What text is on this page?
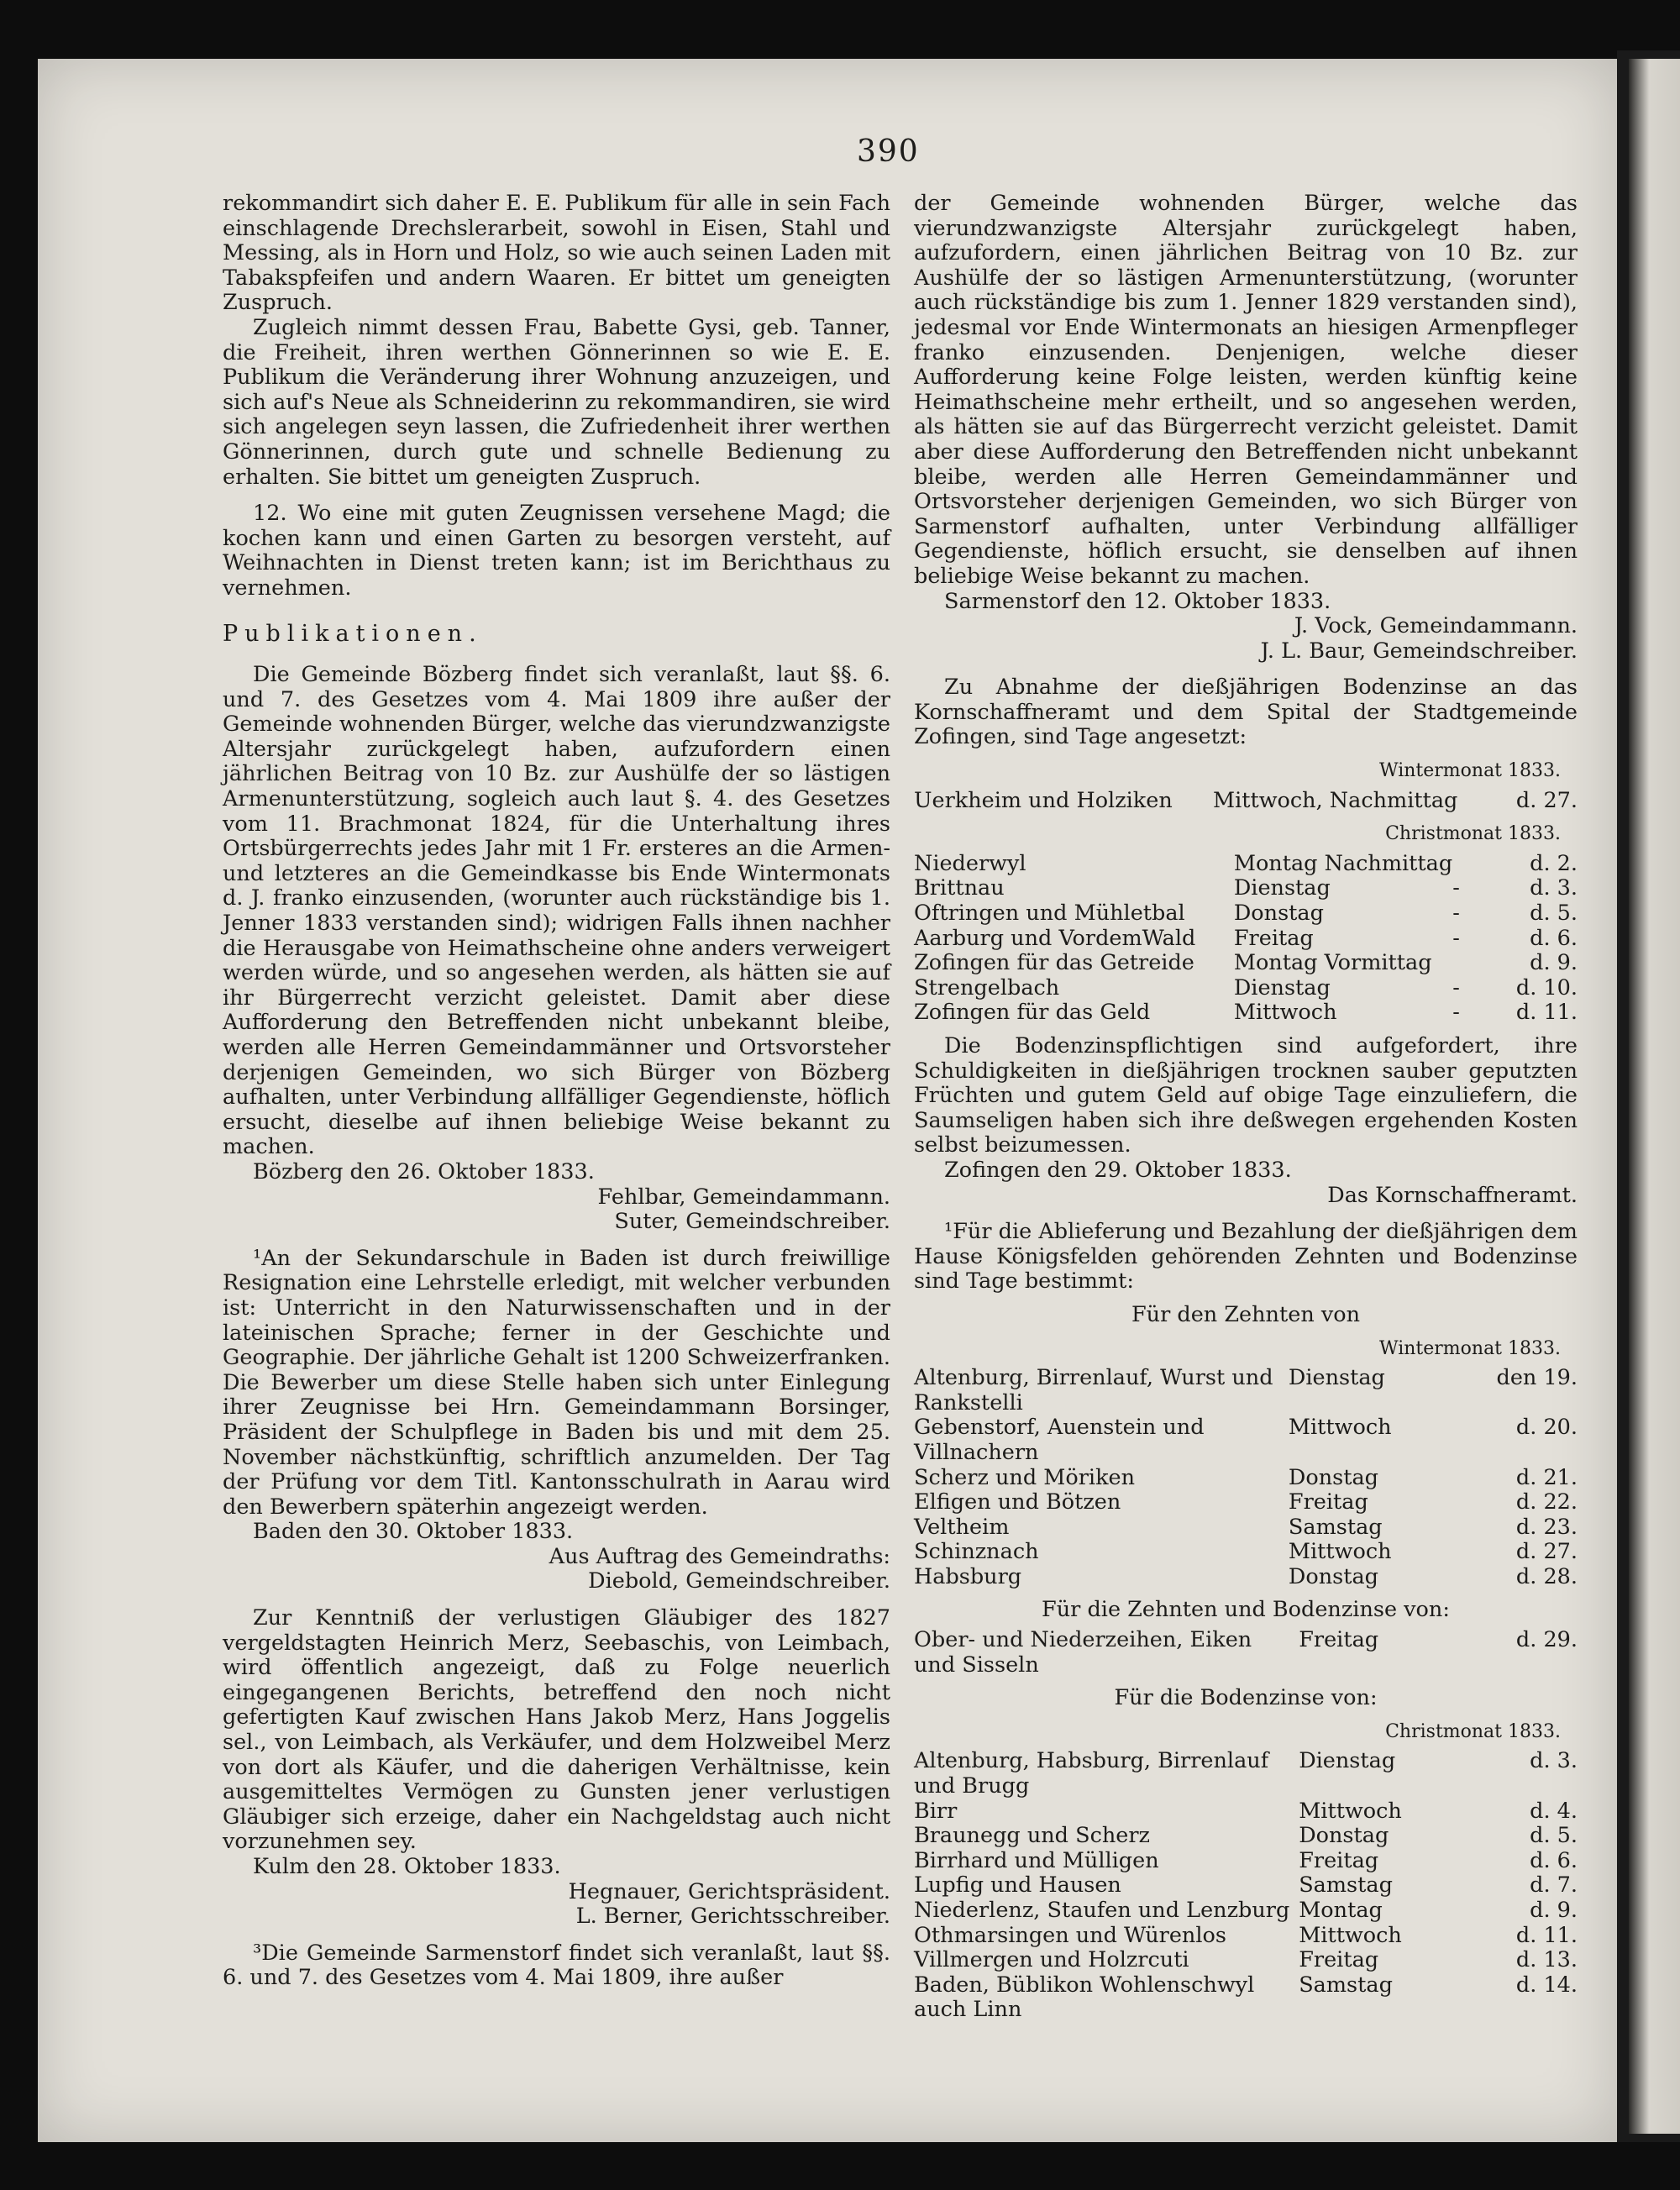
390

rekommandirt sich daher E. E. Publikum für alle in sein Fach einschlagende Drechslerarbeit, sowohl in Eisen, Stahl und Messing, als in Horn und Holz, so wie auch seinen Laden mit Tabakspfeifen und andern Waaren. Er bittet um geneigten Zuspruch.

Zugleich nimmt dessen Frau, Babette Gysi, geb. Tanner, die Freiheit, ihren werthen Gönnerinnen so wie E. E. Publikum die Veränderung ihrer Wohnung anzuzeigen, und sich auf's Neue als Schneiderinn zu rekommandiren, sie wird sich angelegen seyn lassen, die Zufriedenheit ihrer werthen Gönnerinnen, durch gute und schnelle Bedienung zu erhalten. Sie bittet um geneigten Zuspruch.

12. Wo eine mit guten Zeugnissen versehene Magd; die kochen kann und einen Garten zu besorgen versteht, auf Weihnachten in Dienst treten kann; ist im Berichthaus zu vernehmen.

Publikationen.

Die Gemeinde Bözberg findet sich veranlaßt, laut §§. 6. und 7. des Gesetzes vom 4. Mai 1809 ihre außer der Gemeinde wohnenden Bürger, welche das vierundzwanzigste Altersjahr zurückgelegt haben, aufzufordern einen jährlichen Beitrag von 10 Bz. zur Aushülfe der so lästigen Armenunterstützung, sogleich auch laut §. 4. des Gesetzes vom 11. Brachmonat 1824, für die Unterhaltung ihres Ortsbürgerrechts jedes Jahr mit 1 Fr. ersteres an die Armen- und letzteres an die Gemeindkasse bis Ende Wintermonats d. J. franko einzusenden, (worunter auch rückständige bis 1. Jenner 1833 verstanden sind); widrigen Falls ihnen nachher die Herausgabe von Heimathscheine ohne anders verweigert werden würde, und so angesehen werden, als hätten sie auf ihr Bürgerrecht verzicht geleistet. Damit aber diese Aufforderung den Betreffenden nicht unbekannt bleibe, werden alle Herren Gemeindammänner und Ortsvorsteher derjenigen Gemeinden, wo sich Bürger von Bözberg aufhalten, unter Verbindung allfälliger Gegendienste, höflich ersucht, dieselbe auf ihnen beliebige Weise bekannt zu machen.

Bözberg den 26. Oktober 1833.

Fehlbar, Gemeindammann.

Suter, Gemeindschreiber.

¹An der Sekundarschule in Baden ist durch freiwillige Resignation eine Lehrstelle erledigt, mit welcher verbunden ist: Unterricht in den Naturwissenschaften und in der lateinischen Sprache; ferner in der Geschichte und Geographie. Der jährliche Gehalt ist 1200 Schweizerfranken. Die Bewerber um diese Stelle haben sich unter Einlegung ihrer Zeugnisse bei Hrn. Gemeindammann Borsinger, Präsident der Schulpflege in Baden bis und mit dem 25. November nächstkünftig, schriftlich anzumelden. Der Tag der Prüfung vor dem Titl. Kantonsschulrath in Aarau wird den Bewerbern späterhin angezeigt werden.

Baden den 30. Oktober 1833.

Aus Auftrag des Gemeindraths:

Diebold, Gemeindschreiber.

Zur Kenntniß der verlustigen Gläubiger des 1827 vergeldstagten Heinrich Merz, Seebaschis, von Leimbach, wird öffentlich angezeigt, daß zu Folge neuerlich eingegangenen Berichts, betreffend den noch nicht gefertigten Kauf zwischen Hans Jakob Merz, Hans Joggelis sel., von Leimbach, als Verkäufer, und dem Holzweibel Merz von dort als Käufer, und die daherigen Verhältnisse, kein ausgemitteltes Vermögen zu Gunsten jener verlustigen Gläubiger sich erzeige, daher ein Nachgeldstag auch nicht vorzunehmen sey.

Kulm den 28. Oktober 1833.

Hegnauer, Gerichtspräsident.

L. Berner, Gerichtsschreiber.

³Die Gemeinde Sarmenstorf findet sich veranlaßt, laut §§. 6. und 7. des Gesetzes vom 4. Mai 1809, ihre außer

der Gemeinde wohnenden Bürger, welche das vierundzwanzigste Altersjahr zurückgelegt haben, aufzufordern, einen jährlichen Beitrag von 10 Bz. zur Aushülfe der so lästigen Armenunterstützung, (worunter auch rückständige bis zum 1. Jenner 1829 verstanden sind), jedesmal vor Ende Wintermonats an hiesigen Armenpfleger franko einzusenden. Denjenigen, welche dieser Aufforderung keine Folge leisten, werden künftig keine Heimathscheine mehr ertheilt, und so angesehen werden, als hätten sie auf das Bürgerrecht verzicht geleistet. Damit aber diese Aufforderung den Betreffenden nicht unbekannt bleibe, werden alle Herren Gemeindammänner und Ortsvorsteher derjenigen Gemeinden, wo sich Bürger von Sarmenstorf aufhalten, unter Verbindung allfälliger Gegendienste, höflich ersucht, sie denselben auf ihnen beliebige Weise bekannt zu machen.

Sarmenstorf den 12. Oktober 1833.

J. Vock, Gemeindammann.

J. L. Baur, Gemeindschreiber.

Zu Abnahme der dießjährigen Bodenzinse an das Kornschaffneramt und dem Spital der Stadtgemeinde Zofingen, sind Tage angesetzt:

Wintermonat 1833.

Uerkheim und Holziken	Mittwoch, Nachmittag		d. 27.

Christmonat 1833.

Niederwyl	Montag Nachmittag		d. 2.
Brittnau	Dienstag	-	d. 3.
Oftringen und Mühletbal	Donstag	-	d. 5.
Aarburg und VordemWald	Freitag	-	d. 6.
Zofingen für das Getreide	Montag Vormittag		d. 9.
Strengelbach	Dienstag	-	d. 10.
Zofingen für das Geld	Mittwoch	-	d. 11.

Die Bodenzinspflichtigen sind aufgefordert, ihre Schuldigkeiten in dießjährigen trocknen sauber geputzten Früchten und gutem Geld auf obige Tage einzuliefern, die Saumseligen haben sich ihre deßwegen ergehenden Kosten selbst beizumessen.

Zofingen den 29. Oktober 1833.

Das Kornschaffneramt.

¹Für die Ablieferung und Bezahlung der dießjährigen dem Hause Königsfelden gehörenden Zehnten und Bodenzinse sind Tage bestimmt:

Für den Zehnten von

Wintermonat 1833.

Altenburg, Birrenlauf, Wurst und Rankstelli	Dienstag		den 19.
Gebenstorf, Auenstein und Villnachern	Mittwoch		d. 20.
Scherz und Möriken	Donstag		d. 21.
Elfigen und Bötzen	Freitag		d. 22.
Veltheim	Samstag		d. 23.
Schinznach	Mittwoch		d. 27.
Habsburg	Donstag		d. 28.

Für die Zehnten und Bodenzinse von:

Ober- und Niederzeihen, Eiken und Sisseln	Freitag		d. 29.

Für die Bodenzinse von:

Christmonat 1833.

Altenburg, Habsburg, Birrenlauf und Brugg	Dienstag		d. 3.
Birr	Mittwoch		d. 4.
Braunegg und Scherz	Donstag		d. 5.
Birrhard und Mülligen	Freitag		d. 6.
Lupfig und Hausen	Samstag		d. 7.
Niederlenz, Staufen und Lenzburg	Montag		d. 9.
Othmarsingen und Würenlos	Mittwoch		d. 11.
Villmergen und Holzrcuti	Freitag		d. 13.
Baden, Büblikon Wohlenschwyl auch Linn	Samstag		d. 14.
